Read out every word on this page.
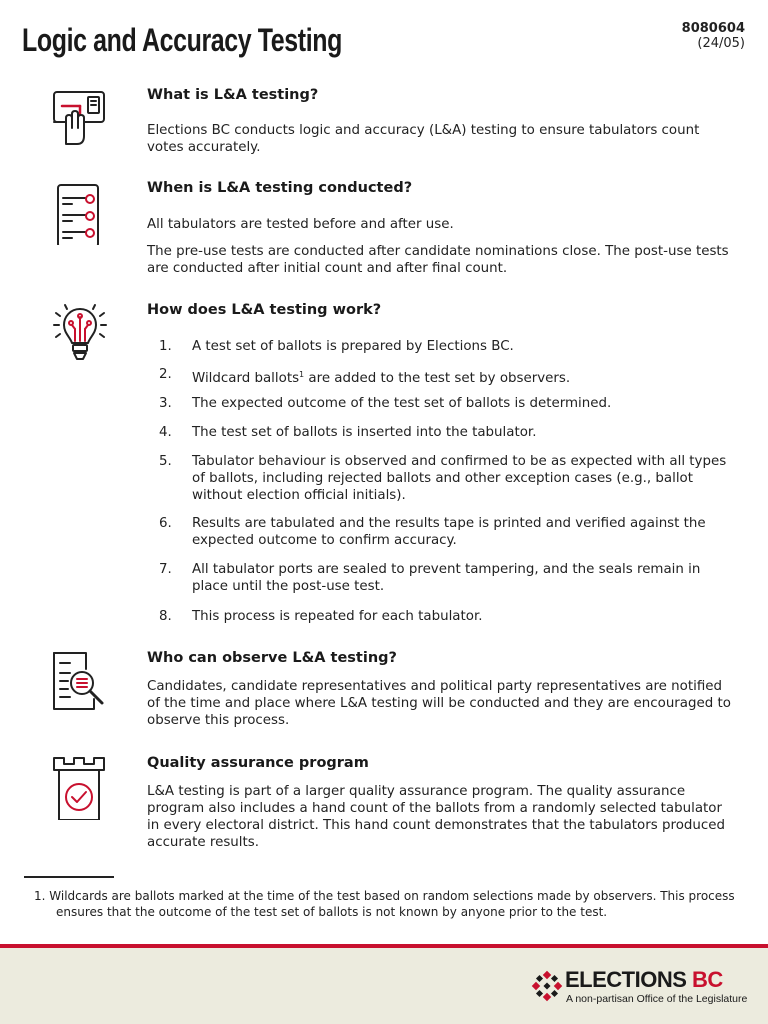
Logic and Accuracy Testing	8080604
(24/05)
What is L&A testing?

Elections BC conducts logic and accuracy (L&A) testing to ensure tabulators count votes accurately.

When is L&A testing conducted?

All tabulators are tested before and after use.

The pre-use tests are conducted after candidate nominations close. The post-use tests are conducted after initial count and after final count.

How does L&A testing work?
1.	A test set of ballots is prepared by Elections BC.
2.	Wildcard ballots$^1$ are added to the test set by observers.
3.	The expected outcome of the test set of ballots is determined.
4.	The test set of ballots is inserted into the tabulator.
5.	Tabulator behaviour is observed and confirmed to be as expected with all types of ballots, including rejected ballots and other exception cases (e.g., ballot without election official initials).
6.	Results are tabulated and the results tape is printed and verified against the expected outcome to confirm accuracy.
7.	All tabulator ports are sealed to prevent tampering, and the seals remain in place until the post-use test.
8.	This process is repeated for each tabulator.
Who can observe L&A testing?

Candidates, candidate representatives and political party representatives are notified of the time and place where L&A testing will be conducted and they are encouraged to observe this process.

Quality assurance program

L&A testing is part of a larger quality assurance program. The quality assurance program also includes a hand count of the ballots from a randomly selected tabulator in every electoral district. This hand count demonstrates that the tabulators produced accurate results.

1. Wildcards are ballots marked at the time of the test based on random selections made by observers. This process ensures that the outcome of the test set of ballots is not known by anyone prior to the test.
ELECTIONS BC
A non-partisan Office of the Legislature
